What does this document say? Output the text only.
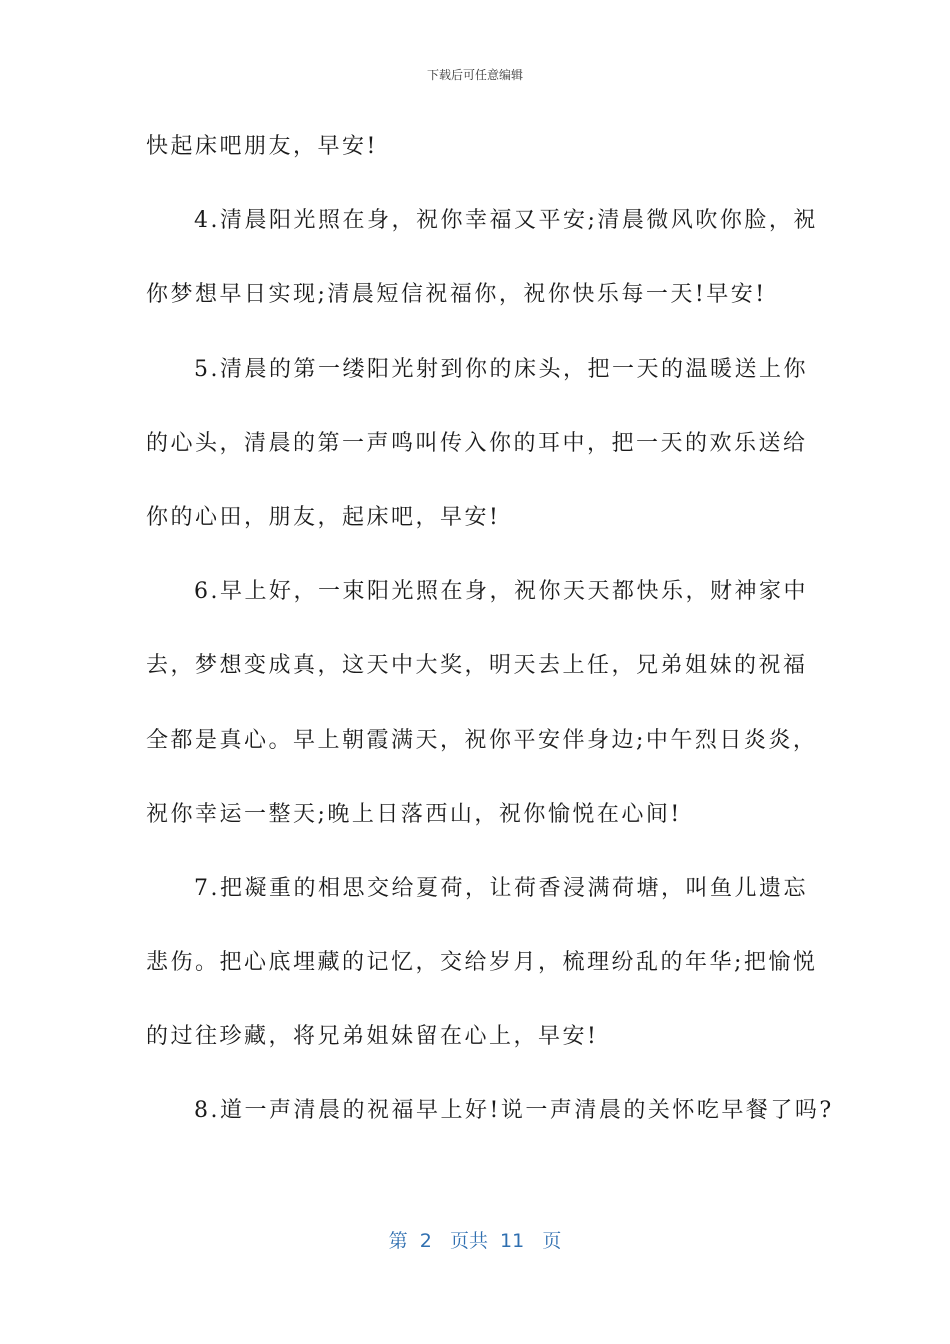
下载后可任意编辑
快起床吧朋友，早安!
4.清晨阳光照在身，祝你幸福又平安;清晨微风吹你脸，祝
你梦想早日实现;清晨短信祝福你，祝你快乐每一天!早安!
5.清晨的第一缕阳光射到你的床头，把一天的温暖送上你
的心头，清晨的第一声鸣叫传入你的耳中，把一天的欢乐送给
你的心田，朋友，起床吧，早安!
6.早上好，一束阳光照在身，祝你天天都快乐，财神家中
去，梦想变成真，这天中大奖，明天去上任，兄弟姐妹的祝福
全都是真心。早上朝霞满天，祝你平安伴身边;中午烈日炎炎，
祝你幸运一整天;晚上日落西山，祝你愉悦在心间!
7.把凝重的相思交给夏荷，让荷香浸满荷塘，叫鱼儿遗忘
悲伤。把心底埋藏的记忆，交给岁月，梳理纷乱的年华;把愉悦
的过往珍藏，将兄弟姐妹留在心上，早安!
8.道一声清晨的祝福早上好!说一声清晨的关怀吃早餐了吗?
第  2   页共  11   页
